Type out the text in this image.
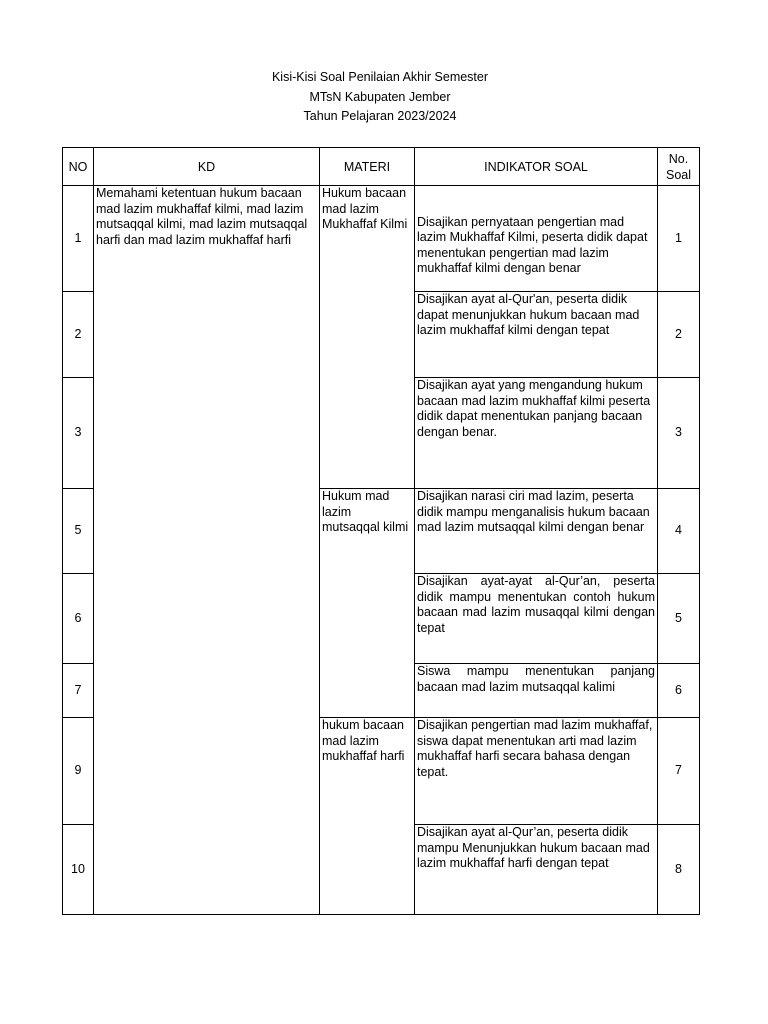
Kisi-Kisi Soal Penilaian Akhir Semester
MTsN Kabupaten Jember
Tahun Pelajaran 2023/2024
NO	KD	MATERI	INDIKATOR SOAL	No. Soal
1	Memahami ketentuan hukum bacaan mad lazim mukhaffaf kilmi, mad lazim mutsaqqal kilmi, mad lazim mutsaqqal harfi dan mad lazim mukhaffaf harfi	Hukum bacaan mad lazim Mukhaffaf Kilmi	Disajikan pernyataan pengertian mad lazim Mukhaffaf Kilmi, peserta didik dapat menentukan pengertian mad lazim mukhaffaf kilmi dengan benar	1
2			Disajikan ayat al-Qur'an, peserta didik dapat menunjukkan hukum bacaan mad lazim mukhaffaf kilmi dengan tepat	2
3			Disajikan ayat yang mengandung hukum bacaan mad lazim mukhaffaf kilmi peserta didik dapat menentukan panjang bacaan dengan benar.	3
5		Hukum mad lazim mutsaqqal kilmi	Disajikan narasi ciri mad lazim, peserta didik mampu menganalisis hukum bacaan mad lazim mutsaqqal kilmi dengan benar	4
6			Disajikan ayat-ayat al-Qur’an, peserta didik mampu menentukan contoh hukum bacaan mad lazim musaqqal kilmi dengan tepat	5
7			Siswa mampu menentukan panjang bacaan mad lazim mutsaqqal kalimi	6
9		hukum bacaan mad lazim mukhaffaf harfi	Disajikan pengertian mad lazim mukhaffaf, siswa dapat menentukan arti mad lazim mukhaffaf harfi secara bahasa dengan tepat.	7
10			Disajikan ayat al-Qur’an, peserta didik mampu Menunjukkan hukum bacaan mad lazim mukhaffaf harfi dengan tepat	8
